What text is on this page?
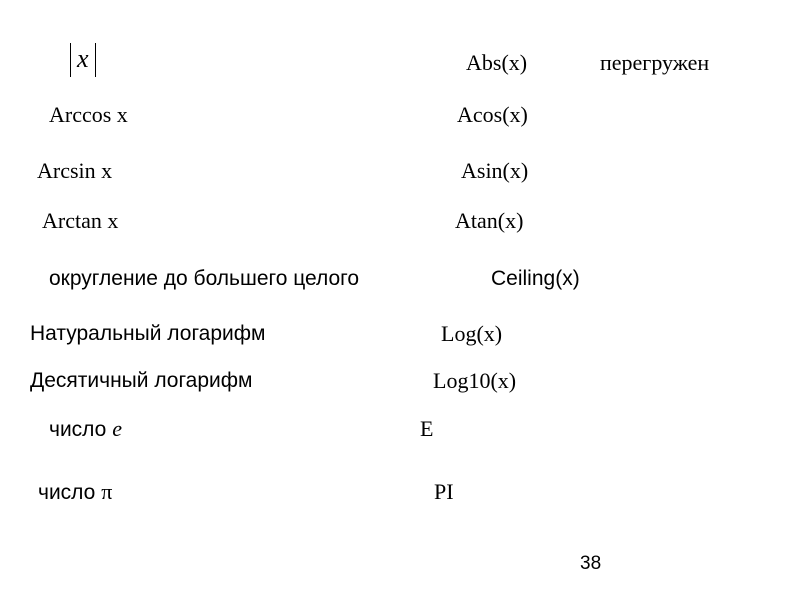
x	Abs(x)	перегружен
Arccos x	Acos(x)
Arcsin x	Asin(x)
Arctan x	Atan(x)
округление до большего целого	Ceiling(x)
Натуральный логарифм	Log(x)
Десятичный логарифм	Log10(x)
число e	E
число π	PI
38
